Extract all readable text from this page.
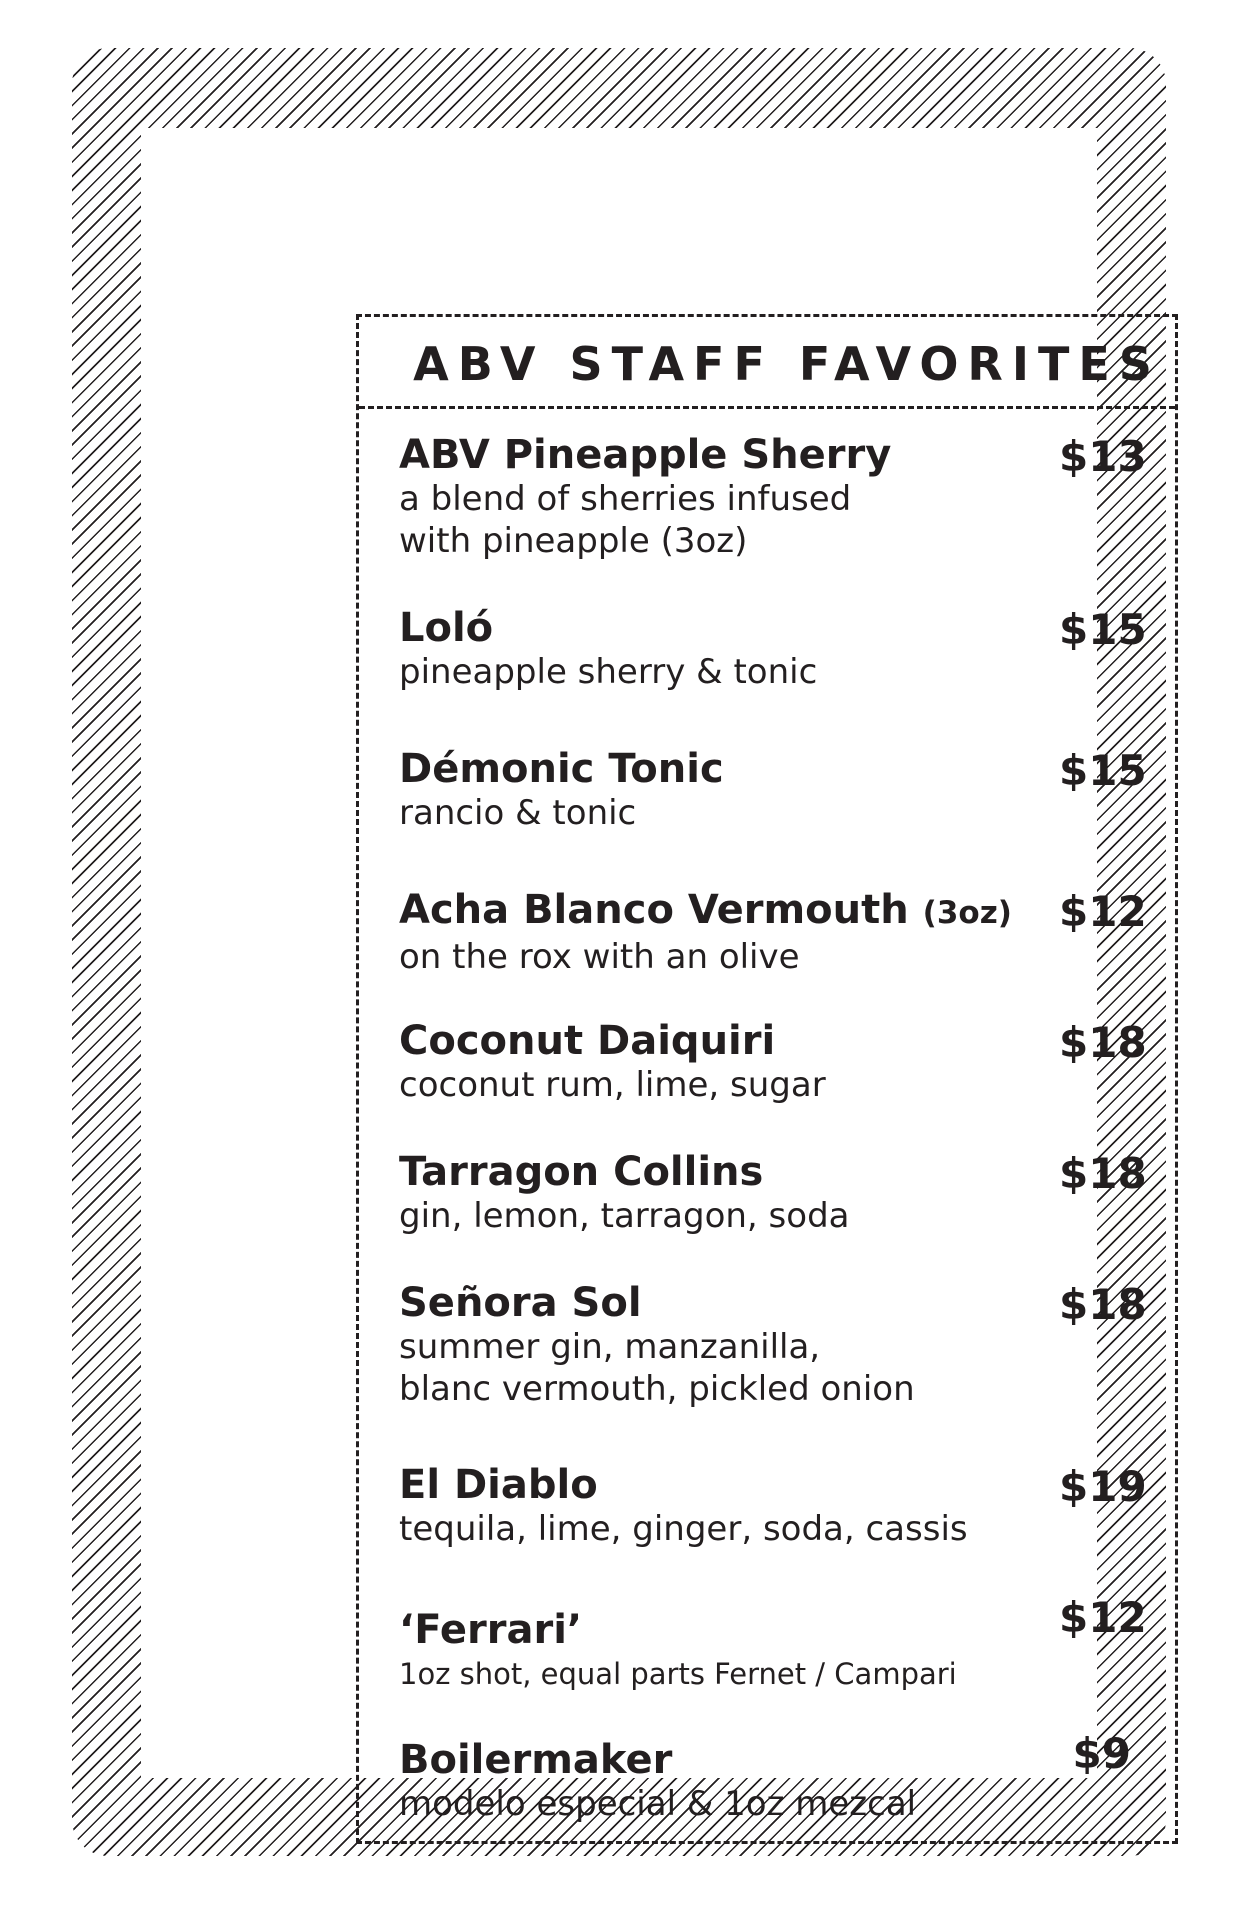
ABV STAFF FAVORITES
ABV Pineapple Sherry
a blend of sherries infused
with pineapple (3oz)
$13
Loló
pineapple sherry & tonic
$15
Démonic Tonic
rancio & tonic
$15
Acha Blanco Vermouth (3oz)
on the rox with an olive
$12
Coconut Daiquiri
coconut rum, lime, sugar
$18
Tarragon Collins
gin, lemon, tarragon, soda
$18
Señora Sol
summer gin, manzanilla,
blanc vermouth, pickled onion
$18
El Diablo
tequila, lime, ginger, soda, cassis
$19
‘Ferrari’
1oz shot, equal parts Fernet / Campari
$12
Boilermaker
modelo especial & 1oz mezcal
$9
